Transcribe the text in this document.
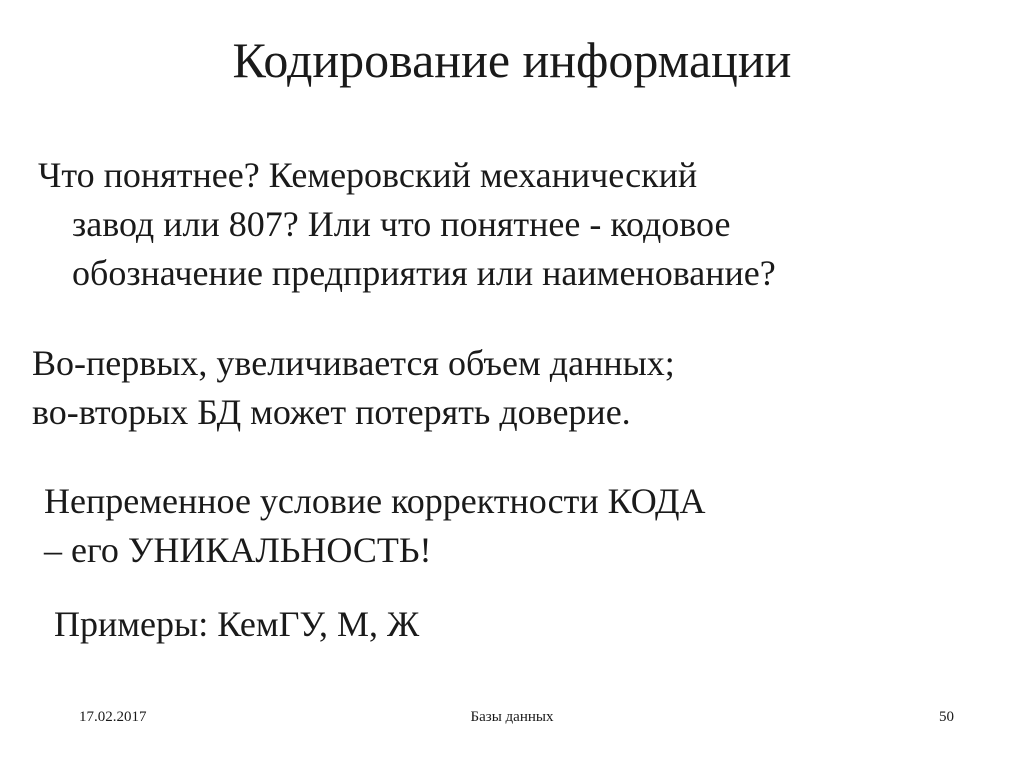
Кодирование информации
Что понятнее? Кемеровский механический
завод или 807? Или что понятнее - кодовое
обозначение предприятия или наименование?
Во-первых, увеличивается объем данных;
во-вторых БД может потерять доверие.
Непременное условие корректности КОДА
– его УНИКАЛЬНОСТЬ!
Примеры: КемГУ, М, Ж
17.02.2017	Базы данных	50
